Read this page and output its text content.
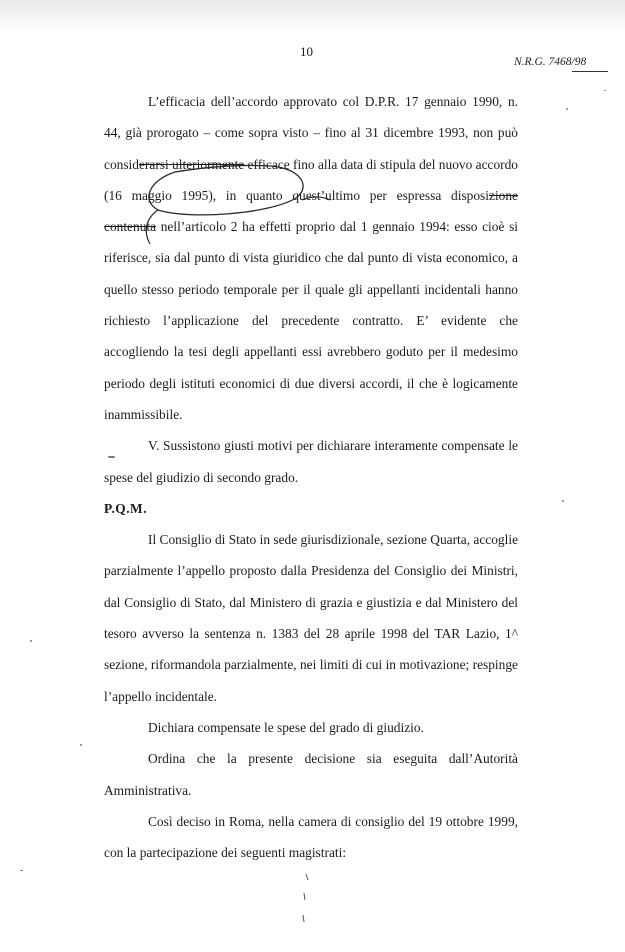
10
N.R.G. 7468/98

L’efficacia dell’accordo approvato col D.P.R. 17 gennaio 1990, n. 44, già prorogato – come sopra visto – fino al 31 dicembre 1993, non può considerarsi ulteriormente efficace fino alla data di stipula del nuovo accordo (16 maggio 1995), in quanto quest’ultimo per espressa disposizione contenuta nell’articolo 2 ha effetti proprio dal 1 gennaio 1994: esso cioè si riferisce, sia dal punto di vista giuridico che dal punto di vista economico, a quello stesso periodo temporale per il quale gli appellanti incidentali hanno richiesto l’applicazione del precedente contratto. E’ evidente che accogliendo la tesi degli appellanti essi avrebbero goduto per il medesimo periodo degli istituti economici di due diversi accordi, il che è logicamente inammissibile.

V. Sussistono giusti motivi per dichiarare interamente compensate le spese del giudizio di secondo grado.

P.Q.M.

Il Consiglio di Stato in sede giurisdizionale, sezione Quarta, accoglie parzialmente l’appello proposto dalla Presidenza del Consiglio dei Ministri, dal Consiglio di Stato, dal Ministero di grazia e giustizia e dal Ministero del tesoro avverso la sentenza n. 1383 del 28 aprile 1998 del TAR Lazio, 1^ sezione, riformandola parzialmente, nei limiti di cui in motivazione; respinge l’appello incidentale.

Dichiara compensate le spese del grado di giudizio.

Ordina che la presente decisione sia eseguita dall’Autorità Amministrativa.

Così deciso in Roma, nella camera di consiglio del 19 ottobre 1999, con la partecipazione dei seguenti magistrati:
